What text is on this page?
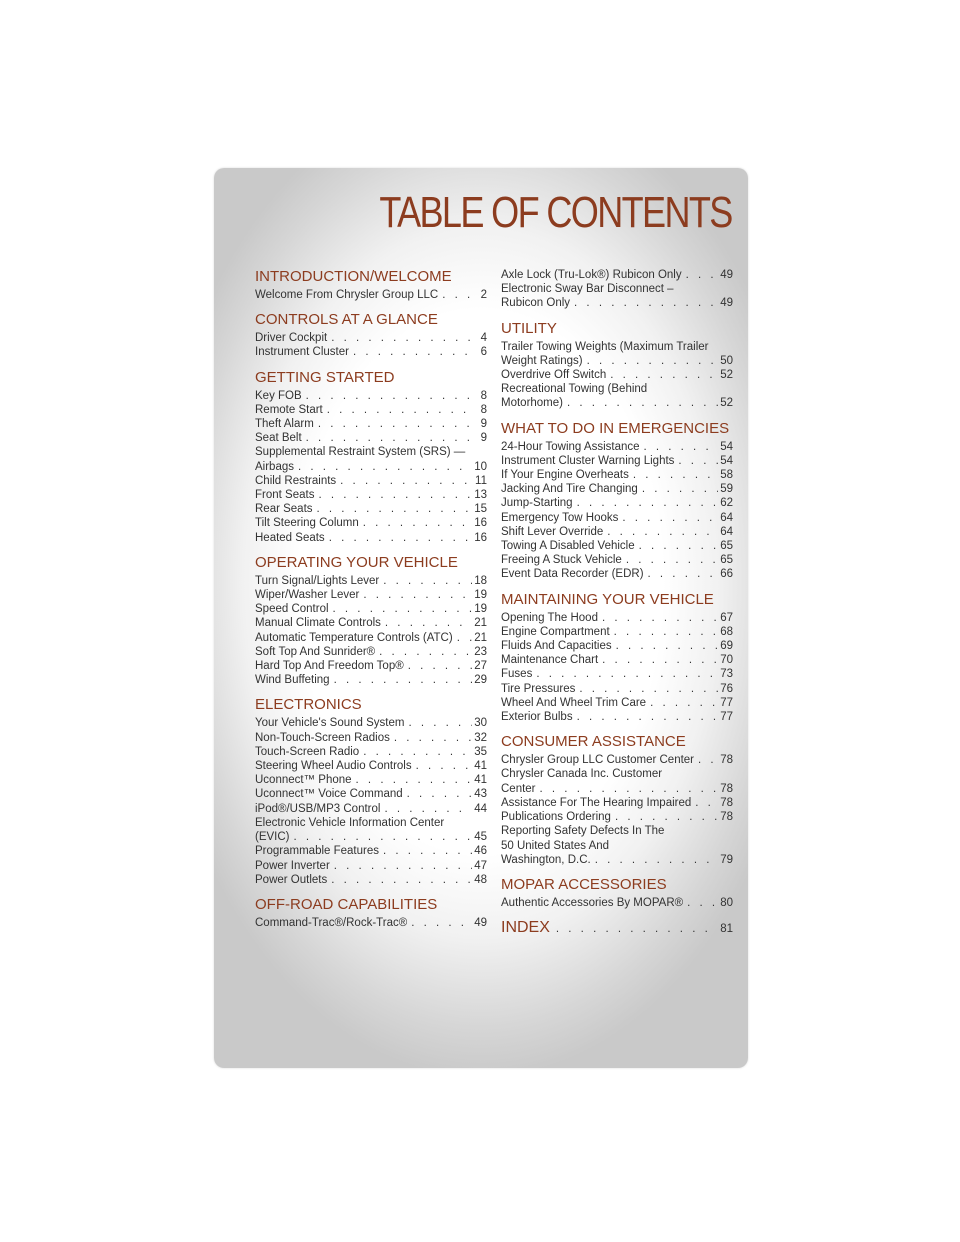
TABLE OF CONTENTS
INTRODUCTION/WELCOME
Welcome From Chrysler Group LLC . . .	2
CONTROLS AT A GLANCE
Driver Cockpit . . .	4
Instrument Cluster . . .	6
GETTING STARTED
Key FOB . . .	8
Remote Start . . .	8
Theft Alarm . . .	9
Seat Belt . . .	9
Supplemental Restraint System (SRS) —
Airbags . . .	10
Child Restraints . . .	11
Front Seats . . .	13
Rear Seats . . .	15
Tilt Steering Column . . .	16
Heated Seats . . .	16
OPERATING YOUR VEHICLE
Turn Signal/Lights Lever . . .	18
Wiper/Washer Lever . . .	19
Speed Control . . .	19
Manual Climate Controls . . .	21
Automatic Temperature Controls (ATC) . . . 21
Soft Top And Sunrider® . . .	23
Hard Top And Freedom Top® . . .	27
Wind Buffeting . . .	29
ELECTRONICS
Your Vehicle's Sound System . . .	30
Non-Touch-Screen Radios . . .	32
Touch-Screen Radio . . .	35
Steering Wheel Audio Controls . . .	41
Uconnect™ Phone . . .	41
Uconnect™ Voice Command . . .	43
iPod®/USB/MP3 Control . . .	44
Electronic Vehicle Information Center
(EVIC) . . .	45
Programmable Features . . .	46
Power Inverter . . .	47
Power Outlets . . .	48
OFF-ROAD CAPABILITIES
Command-Trac®/Rock-Trac® . . .	49
Axle Lock (Tru-Lok®) Rubicon Only . . .	49
Electronic Sway Bar Disconnect –
Rubicon Only . . .	49
UTILITY
Trailer Towing Weights (Maximum Trailer
Weight Ratings) . . .	50
Overdrive Off Switch . . .	52
Recreational Towing (Behind
Motorhome) . . .	52
WHAT TO DO IN EMERGENCIES
24-Hour Towing Assistance . . .	54
Instrument Cluster Warning Lights . . .	54
If Your Engine Overheats . . .	58
Jacking And Tire Changing . . .	59
Jump-Starting . . .	62
Emergency Tow Hooks . . .	64
Shift Lever Override . . .	64
Towing A Disabled Vehicle . . .	65
Freeing A Stuck Vehicle . . .	65
Event Data Recorder (EDR) . . .	66
MAINTAINING YOUR VEHICLE
Opening The Hood . . .	67
Engine Compartment . . .	68
Fluids And Capacities . . .	69
Maintenance Chart . . .	70
Fuses . . .	73
Tire Pressures . . .	76
Wheel And Wheel Trim Care . . .	77
Exterior Bulbs . . .	77
CONSUMER ASSISTANCE
Chrysler Group LLC Customer Center . . . 78
Chrysler Canada Inc. Customer
Center . . .	78
Assistance For The Hearing Impaired . . .	78
Publications Ordering . . .	78
Reporting Safety Defects In The
50 United States And
Washington, D.C. . . .	79
MOPAR ACCESSORIES
Authentic Accessories By MOPAR® . . .	80
INDEX . . .	81
